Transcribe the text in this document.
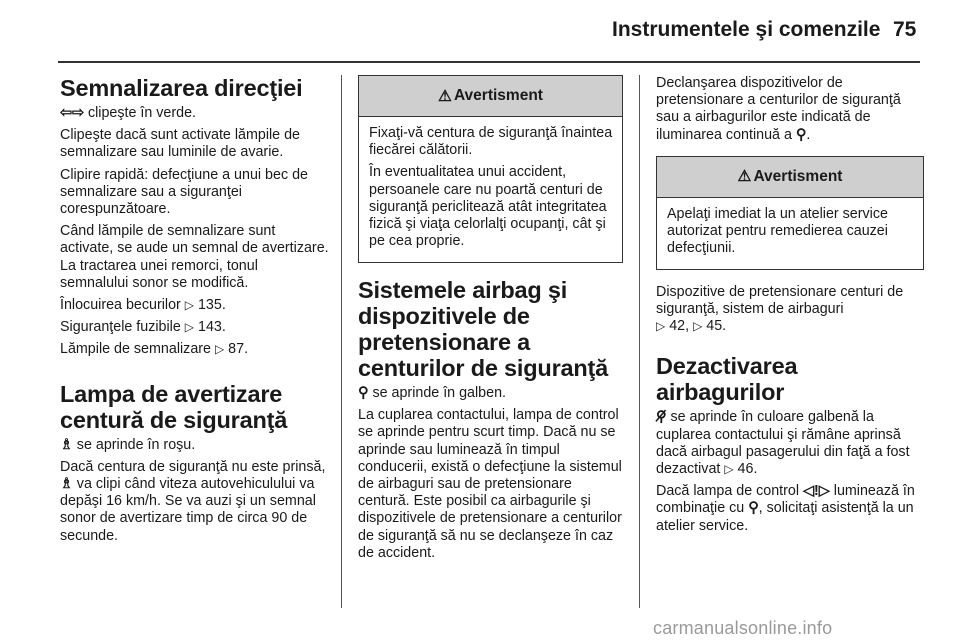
Instrumentele şi comenzile 75
Semnalizarea direcţiei
⇦⇨ clipeşte în verde.
Clipeşte dacă sunt activate lămpile de semnalizare sau luminile de avarie.
Clipire rapidă: defecţiune a unui bec de semnalizare sau a siguranţei corespunzătoare.
Când lămpile de semnalizare sunt activate, se aude un semnal de avertizare. La tractarea unei remorci, tonul semnalului sonor se modifică.
Înlocuirea becurilor ▷ 135.
Siguranţele fuzibile ▷ 143.
Lămpile de semnalizare ▷ 87.
Lampa de avertizare centură de siguranţă
♗ se aprinde în roşu.
Dacă centura de siguranţă nu este prinsă, ♗ va clipi când viteza autovehiculului va depăşi 16 km/h. Se va auzi şi un semnal sonor de avertizare timp de circa 90 de secunde.
⚠ Avertisment
Fixaţi-vă centura de siguranţă înaintea fiecărei călătorii.
În eventualitatea unui accident, persoanele care nu poartă centuri de siguranţă periclitează atât integritatea fizică şi viaţa celorlalţi ocupanţi, cât şi pe cea proprie.
Sistemele airbag şi dispozitivele de pretensionare a centurilor de siguranţă
⚲ se aprinde în galben.
La cuplarea contactului, lampa de control se aprinde pentru scurt timp. Dacă nu se aprinde sau luminează în timpul conducerii, există o defecţiune la sistemul de airbaguri sau de pretensionare centură. Este posibil ca airbagurile şi dispozitivele de pretensionare a centurilor de siguranţă să nu se declanşeze în caz de accident.
Declanşarea dispozitivelor de pretensionare a centurilor de siguranţă sau a airbagurilor este indicată de iluminarea continuă a ⚲.
⚠ Avertisment
Apelaţi imediat la un atelier service autorizat pentru remedierea cauzei defecţiunii.
Dispozitive de pretensionare centuri de siguranţă, sistem de airbaguri
▷ 42, ▷ 45.
Dezactivarea airbagurilor
⚲̸ se aprinde în culoare galbenă la cuplarea contactului şi rămâne aprinsă dacă airbagul pasagerului din faţă a fost dezactivat ▷ 46.
Dacă lampa de control ◁!▷ luminează în combinaţie cu ⚲, solicitaţi asistenţă la un atelier service.
carmanualsonline.info
